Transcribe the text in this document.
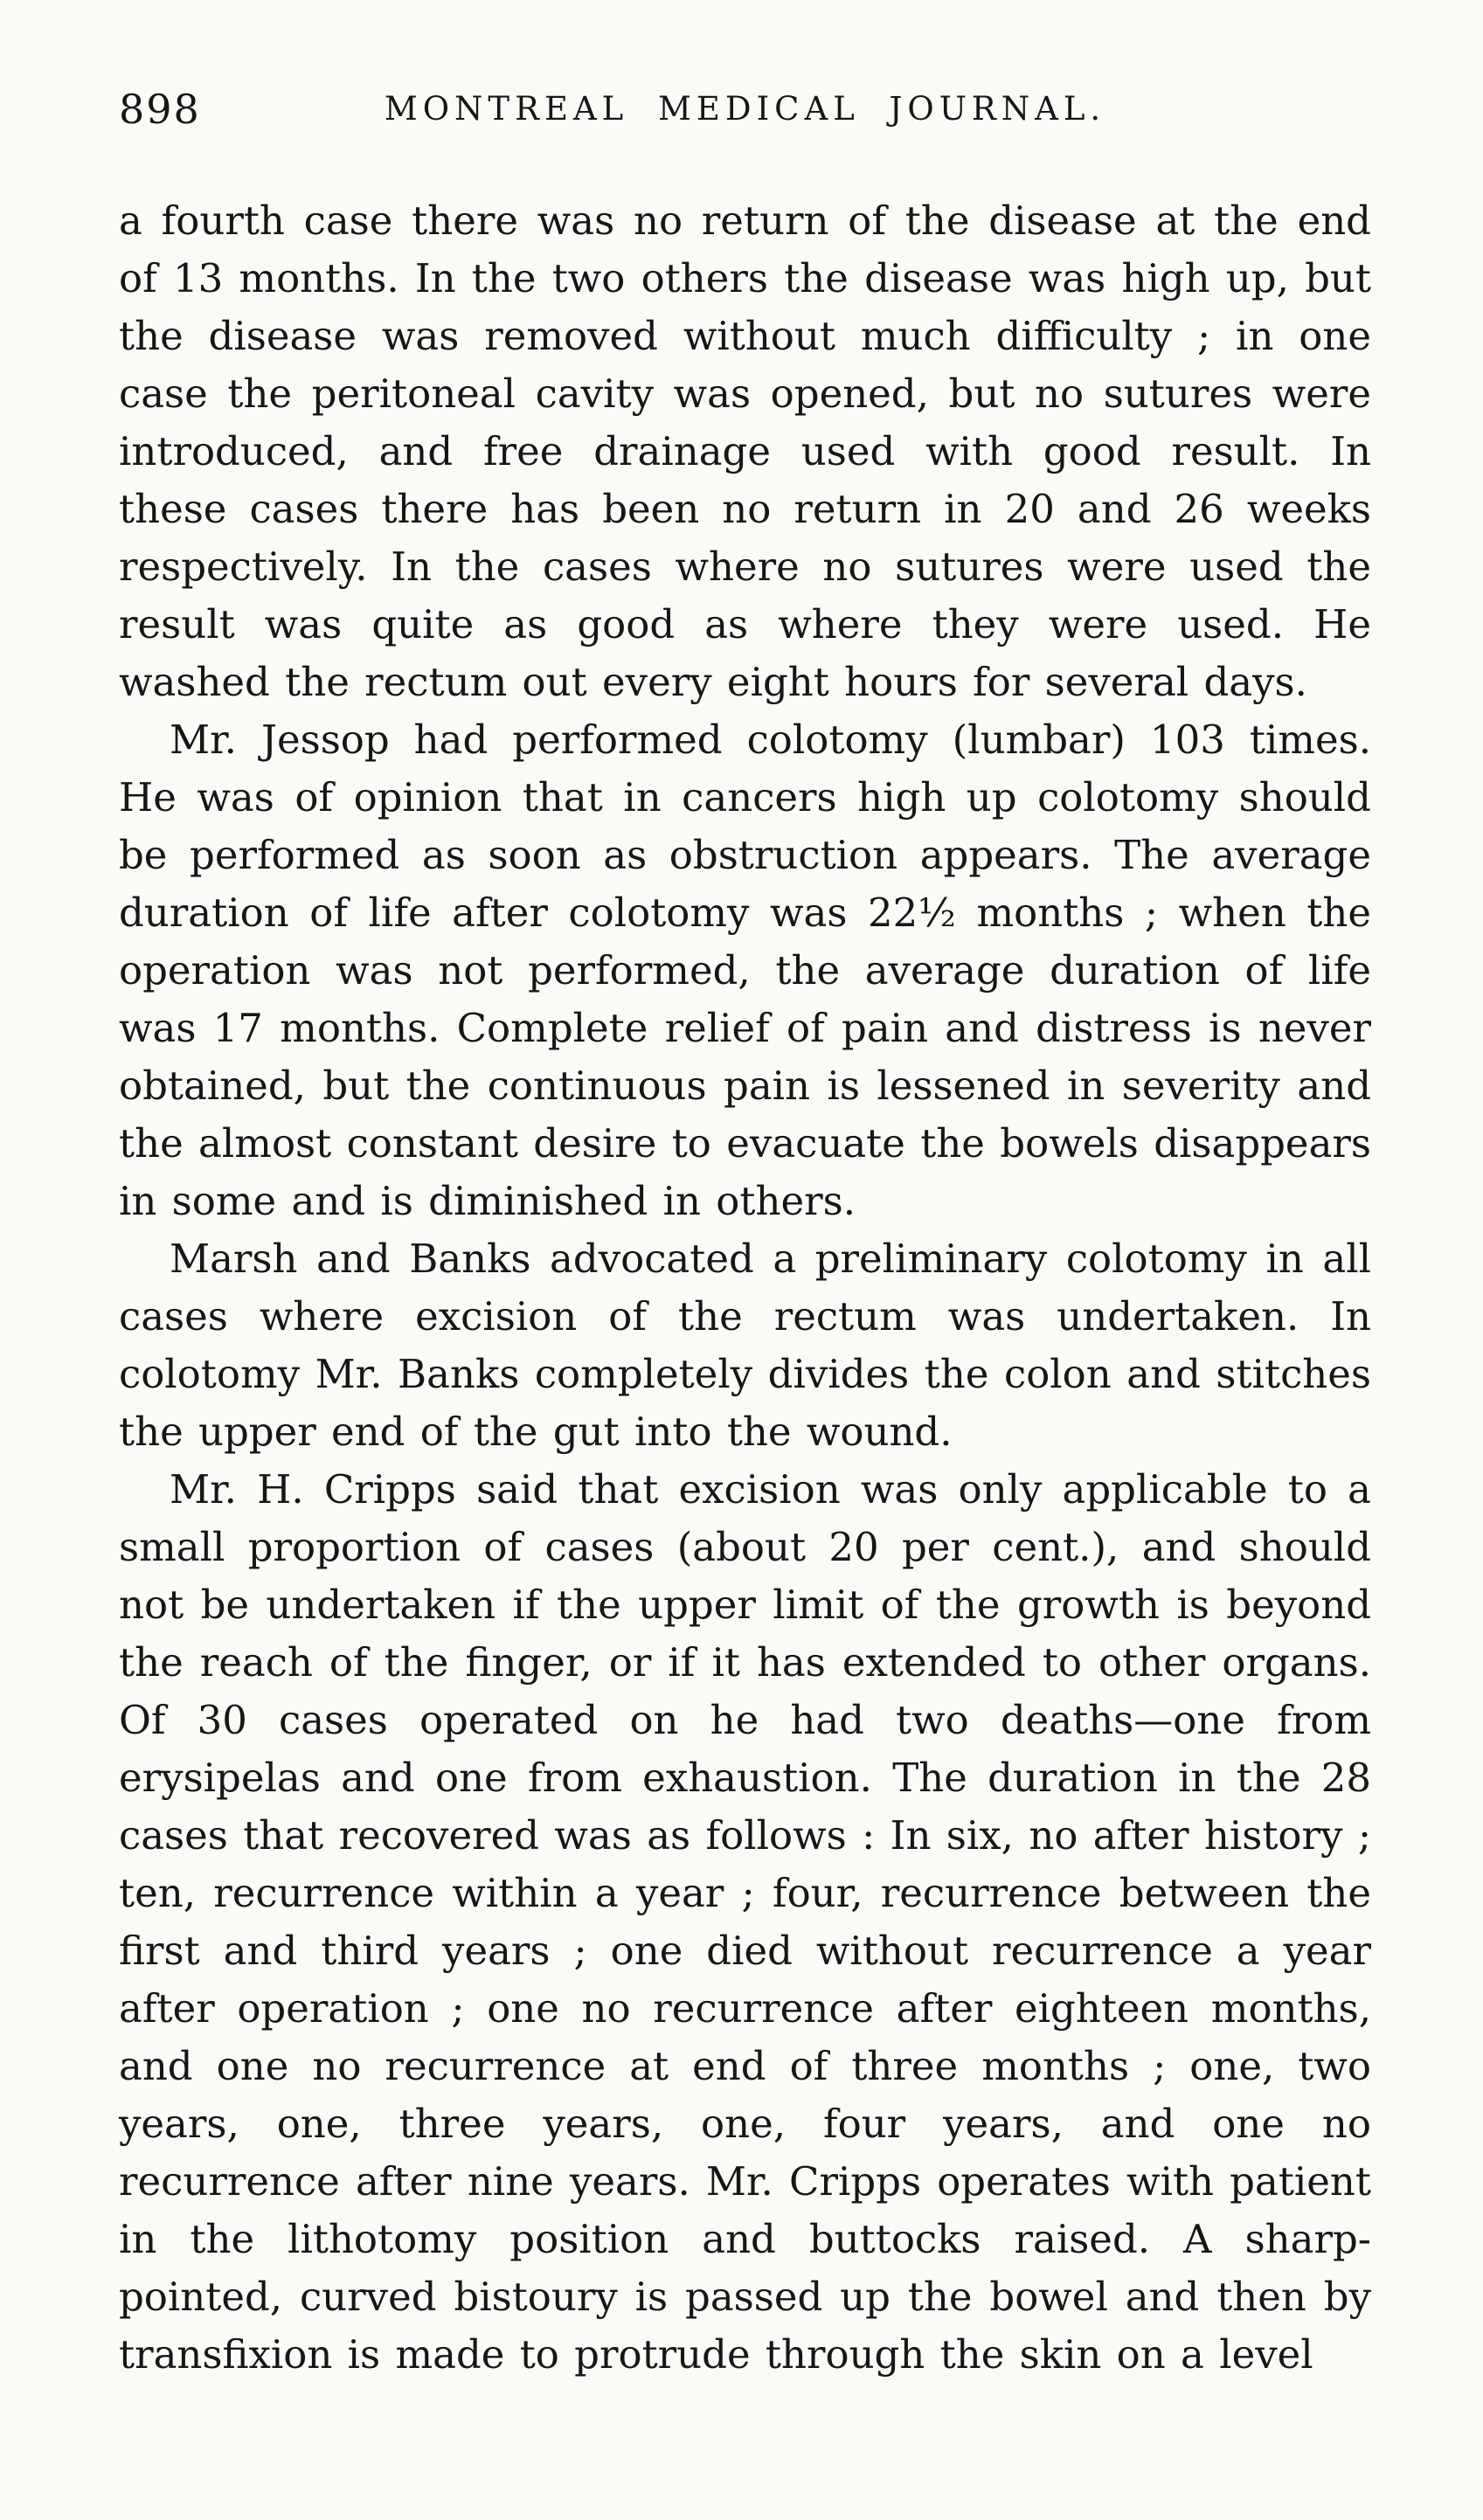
898	MONTREAL MEDICAL JOURNAL.

a fourth case there was no return of the disease at the end of 13 months. In the two others the disease was high up, but the disease was removed without much difficulty ; in one case the peritoneal cavity was opened, but no sutures were introduced, and free drainage used with good result. In these cases there has been no return in 20 and 26 weeks respectively. In the cases where no sutures were used the result was quite as good as where they were used. He washed the rectum out every eight hours for several days.

Mr. Jessop had performed colotomy (lumbar) 103 times. He was of opinion that in cancers high up colotomy should be performed as soon as obstruction appears. The average duration of life after colotomy was 22½ months ; when the operation was not performed, the average duration of life was 17 months. Complete relief of pain and distress is never obtained, but the continuous pain is lessened in severity and the almost constant desire to evacuate the bowels disappears in some and is diminished in others.

Marsh and Banks advocated a preliminary colotomy in all cases where excision of the rectum was undertaken. In colotomy Mr. Banks completely divides the colon and stitches the upper end of the gut into the wound.

Mr. H. Cripps said that excision was only applicable to a small proportion of cases (about 20 per cent.), and should not be undertaken if the upper limit of the growth is beyond the reach of the finger, or if it has extended to other organs. Of 30 cases operated on he had two deaths—one from erysipelas and one from exhaustion. The duration in the 28 cases that recovered was as follows : In six, no after history ; ten, recurrence within a year ; four, recurrence between the first and third years ; one died without recurrence a year after operation ; one no recurrence after eighteen months, and one no recurrence at end of three months ; one, two years, one, three years, one, four years, and one no recurrence after nine years. Mr. Cripps operates with patient in the lithotomy position and buttocks raised. A sharp-pointed, curved bistoury is passed up the bowel and then by transfixion is made to protrude through the skin on a level
